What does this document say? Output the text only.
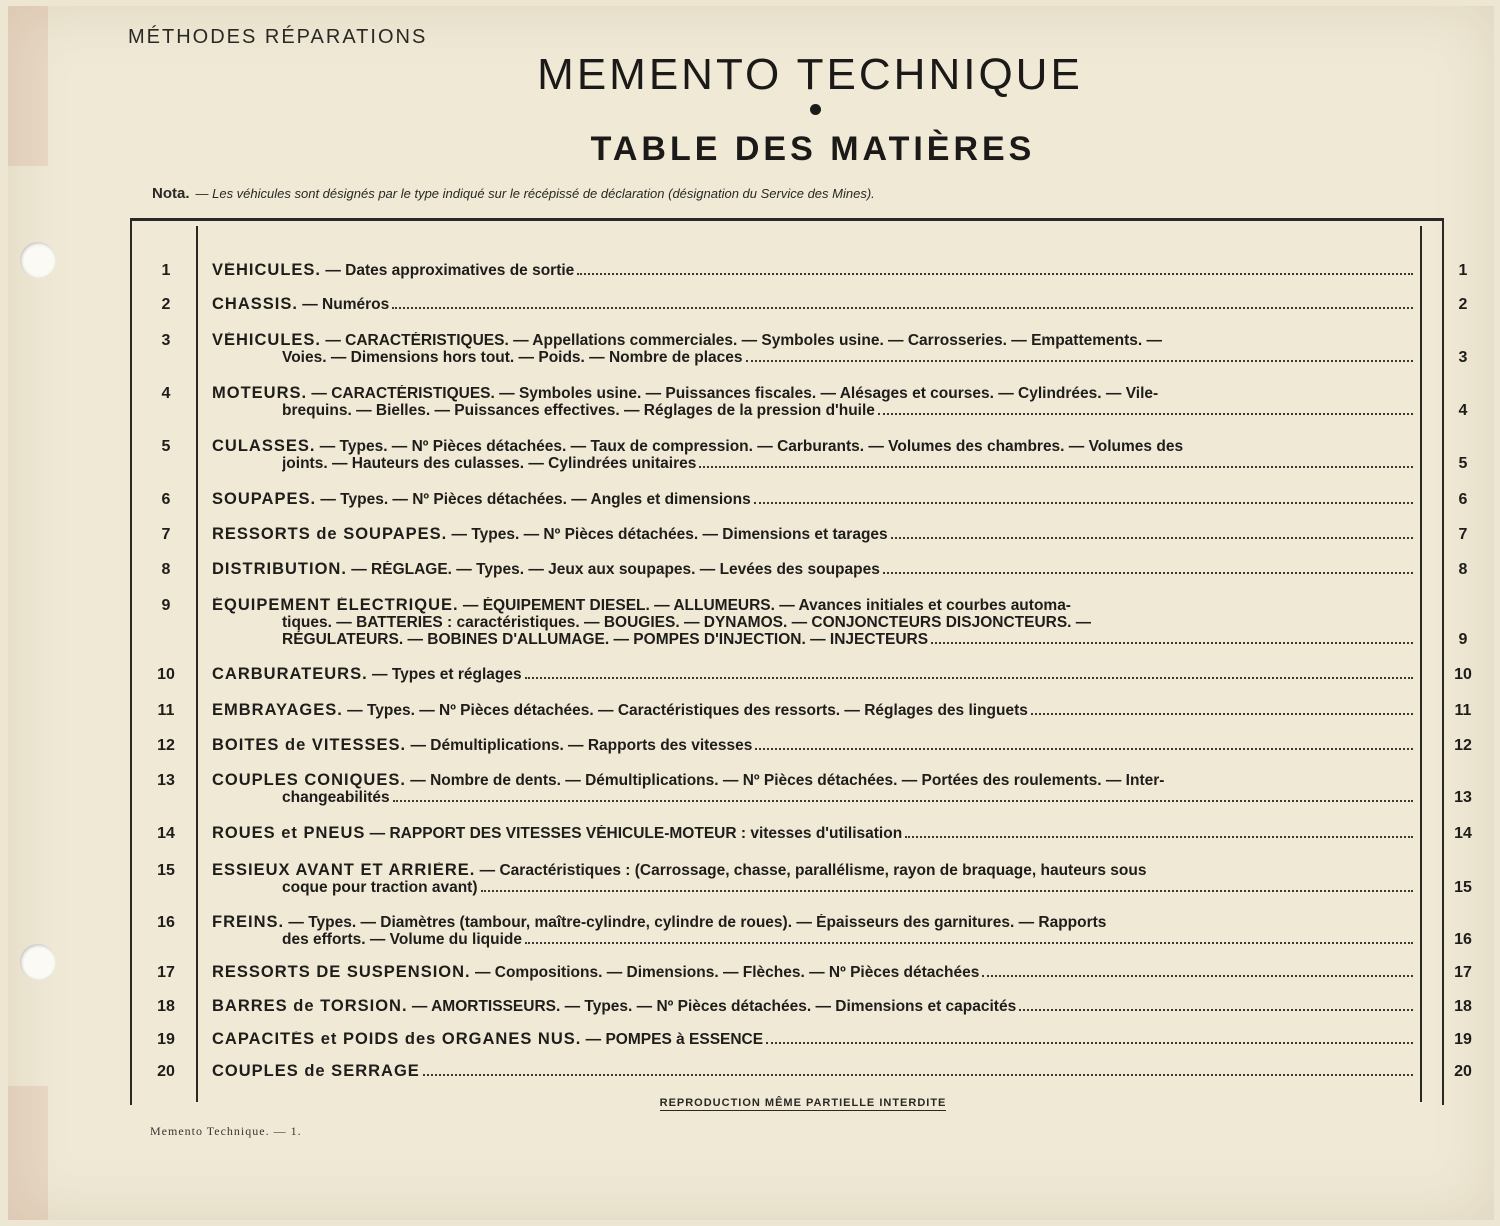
MÉTHODES RÉPARATIONS
MEMENTO TECHNIQUE
TABLE DES MATIÈRES
Nota. — Les véhicules sont désignés par le type indiqué sur le récépissé de déclaration (désignation du Service des Mines).
1	VÉHICULES. — Dates approximatives de sortie	1
2	CHASSIS. — Numéros	2
3	VÉHICULES. — CARACTÉRISTIQUES. — Appellations commerciales. — Symboles usine. — Carrosseries. — Empattements. —
Voies. — Dimensions hors tout. — Poids. — Nombre de places	3
4	MOTEURS. — CARACTÉRISTIQUES. — Symboles usine. — Puissances fiscales. — Alésages et courses. — Cylindrées. — Vile-
brequins. — Bielles. — Puissances effectives. — Réglages de la pression d'huile	4
5	CULASSES. — Types. — Nº Pièces détachées. — Taux de compression. — Carburants. — Volumes des chambres. — Volumes des
joints. — Hauteurs des culasses. — Cylindrées unitaires	5
6	SOUPAPES. — Types. — Nº Pièces détachées. — Angles et dimensions	6
7	RESSORTS de SOUPAPES. — Types. — Nº Pièces détachées. — Dimensions et tarages	7
8	DISTRIBUTION. — RÉGLAGE. — Types. — Jeux aux soupapes. — Levées des soupapes	8
9	ÉQUIPEMENT ÉLECTRIQUE. — ÉQUIPEMENT DIESEL. — ALLUMEURS. — Avances initiales et courbes automa-
tiques. — BATTERIES : caractéristiques. — BOUGIES. — DYNAMOS. — CONJONCTEURS DISJONCTEURS. —
RÉGULATEURS. — BOBINES D'ALLUMAGE. — POMPES D'INJECTION. — INJECTEURS	9
10	CARBURATEURS. — Types et réglages	10
11	EMBRAYAGES. — Types. — Nº Pièces détachées. — Caractéristiques des ressorts. — Réglages des linguets	11
12	BOITES de VITESSES. — Démultiplications. — Rapports des vitesses	12
13	COUPLES CONIQUES. — Nombre de dents. — Démultiplications. — Nº Pièces détachées. — Portées des roulements. — Inter-
changeabilités	13
14	ROUES et PNEUS — RAPPORT DES VITESSES VÉHICULE-MOTEUR : vitesses d'utilisation	14
15	ESSIEUX AVANT ET ARRIÈRE. — Caractéristiques : (Carrossage, chasse, parallélisme, rayon de braquage, hauteurs sous
coque pour traction avant)	15
16	FREINS. — Types. — Diamètres (tambour, maître-cylindre, cylindre de roues). — Épaisseurs des garnitures. — Rapports
des efforts. — Volume du liquide	16
17	RESSORTS DE SUSPENSION. — Compositions. — Dimensions. — Flèches. — Nº Pièces détachées	17
18	BARRES de TORSION. — AMORTISSEURS. — Types. — Nº Pièces détachées. — Dimensions et capacités	18
19	CAPACITÉS et POIDS des ORGANES NUS. — POMPES à ESSENCE	19
20	COUPLES de SERRAGE	20
REPRODUCTION MÊME PARTIELLE INTERDITE
Memento Technique. — 1.
